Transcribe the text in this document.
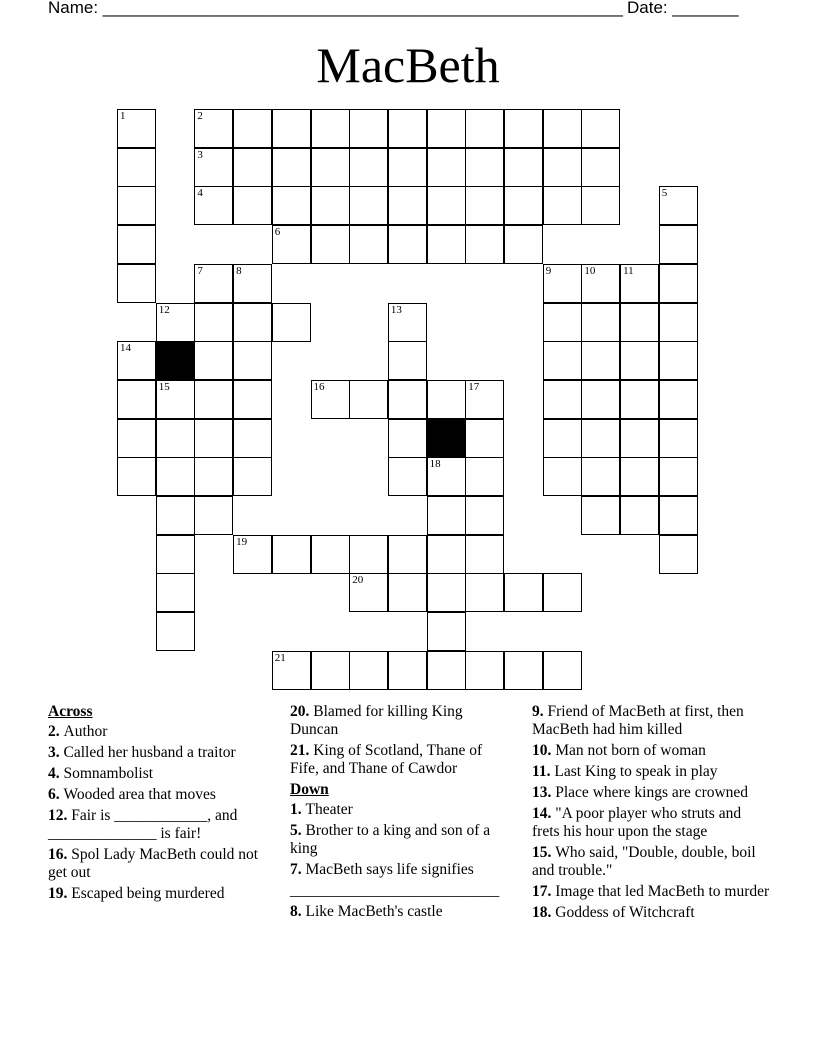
Name: _______________________________________________________ Date: _______
MacBeth
1	2
3
4	5
6
7	8	9	10	11
12	13
14
15	16	17
18
19
20
21
Across
2. Author
3. Called her husband a traitor
4. Somnambolist
6. Wooded area that moves
12. Fair is ____________, and ______________ is fair!
16. Spol Lady MacBeth could not get out
19. Escaped being murdered
20. Blamed for killing King Duncan
21. King of Scotland, Thane of Fife, and Thane of Cawdor
Down
1. Theater
5. Brother to a king and son of a king
7. MacBeth says life signifies
___________________________
8. Like MacBeth's castle
9. Friend of MacBeth at first, then MacBeth had him killed
10. Man not born of woman
11. Last King to speak in play
13. Place where kings are crowned
14. "A poor player who struts and frets his hour upon the stage
15. Who said, "Double, double, boil and trouble."
17. Image that led MacBeth to murder
18. Goddess of Witchcraft
